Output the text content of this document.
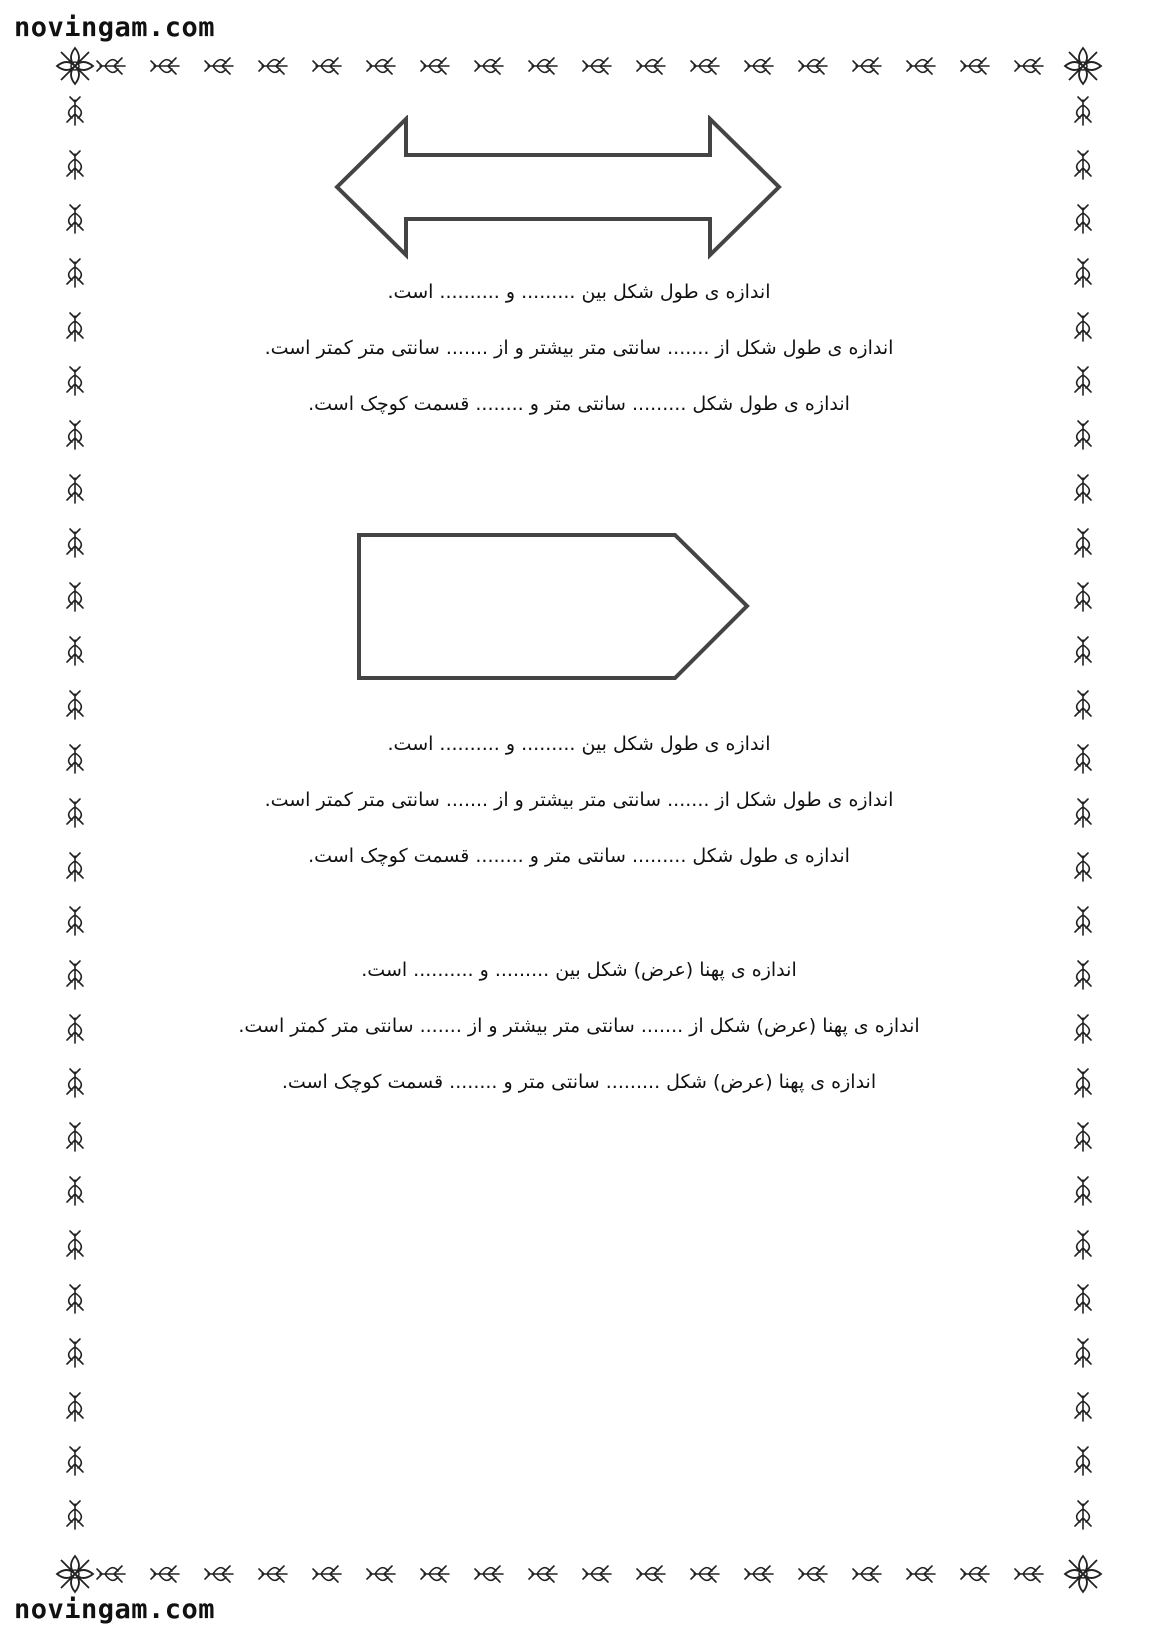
novingam.com
novingam.com
اندازه ی طول شکل بین ......... و .......... است.
اندازه ی طول شکل از ....... سانتی متر بیشتر و از ....... سانتی متر کمتر است.
اندازه ی طول شکل ......... سانتی متر و ........ قسمت کوچک است.
اندازه ی طول شکل بین ......... و .......... است.
اندازه ی طول شکل از ....... سانتی متر بیشتر و از ....... سانتی متر کمتر است.
اندازه ی طول شکل ......... سانتی متر و ........ قسمت کوچک است.
اندازه ی پهنا (عرض) شکل بین ......... و .......... است.
اندازه ی پهنا (عرض) شکل از ....... سانتی متر بیشتر و از ....... سانتی متر کمتر است.
اندازه ی پهنا (عرض) شکل ......... سانتی متر و ........ قسمت کوچک است.
